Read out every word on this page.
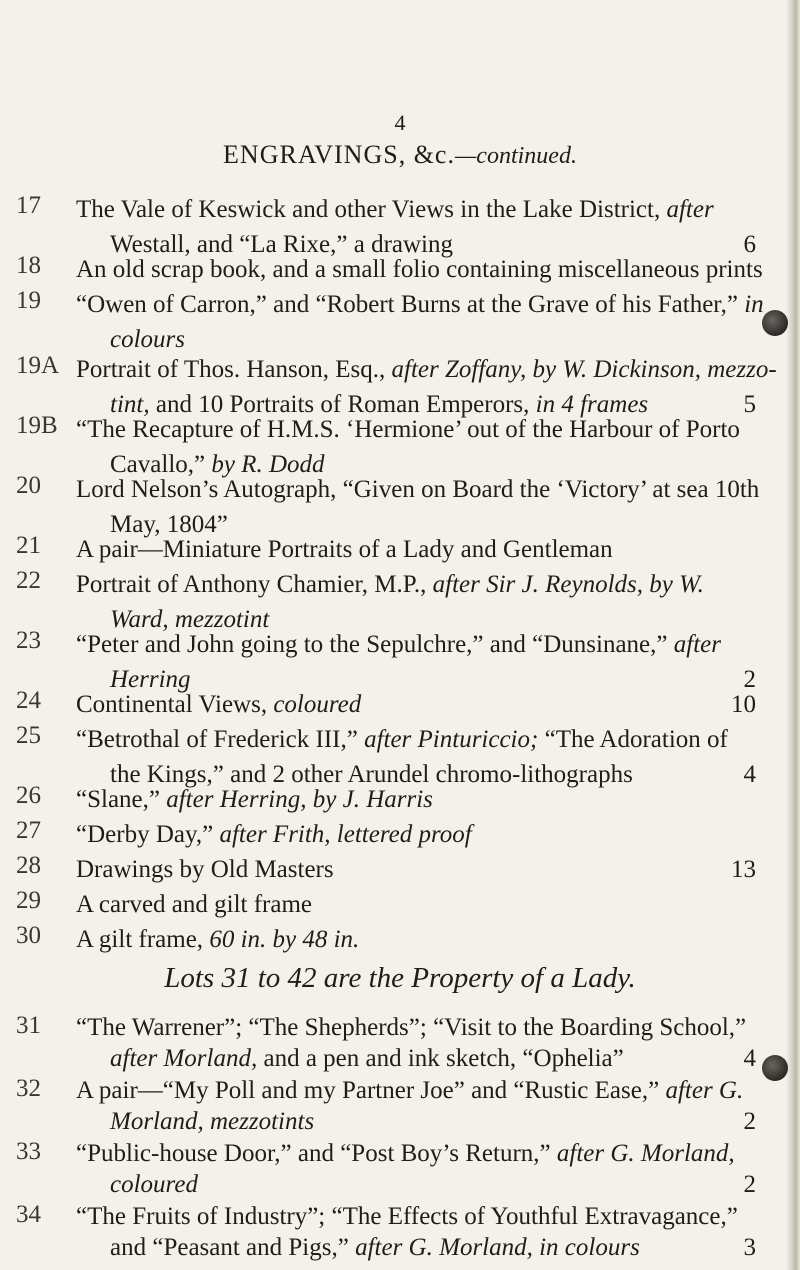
4
ENGRAVINGS, &c.—continued.
17	The Vale of Keswick and other Views in the Lake District, after
Westall, and “La Rixe,” a drawing	6
18	An old scrap book, and a small folio containing miscellaneous prints
19	“Owen of Carron,” and “Robert Burns at the Grave of his Father,” in
colours
19A Portrait of Thos. Hanson, Esq., after Zoffany, by W. Dickinson, mezzo-
tint, and 10 Portraits of Roman Emperors, in 4 frames	5
19B “The Recapture of H.M.S. ‘Hermione’ out of the Harbour of Porto
Cavallo,” by R. Dodd
20	Lord Nelson’s Autograph, “Given on Board the ‘Victory’ at sea 10th
May, 1804”
21	A pair—Miniature Portraits of a Lady and Gentleman
22	Portrait of Anthony Chamier, M.P., after Sir J. Reynolds, by W.
Ward, mezzotint
23	“Peter and John going to the Sepulchre,” and “Dunsinane,” after
Herring	2
24	Continental Views, coloured	10
25	“Betrothal of Frederick III,” after Pinturiccio; “The Adoration of
the Kings,” and 2 other Arundel chromo-lithographs	4
26	“Slane,” after Herring, by J. Harris
27	“Derby Day,” after Frith, lettered proof
28	Drawings by Old Masters	13
29	A carved and gilt frame
30	A gilt frame, 60 in. by 48 in.
Lots 31 to 42 are the Property of a Lady.
31	“The Warrener”; “The Shepherds”; “Visit to the Boarding School,”
after Morland, and a pen and ink sketch, “Ophelia”	4
32	A pair—“My Poll and my Partner Joe” and “Rustic Ease,” after G.
Morland, mezzotints	2
33	“Public-house Door,” and “Post Boy’s Return,” after G. Morland,
coloured	2
34	“The Fruits of Industry”; “The Effects of Youthful Extravagance,”
and “Peasant and Pigs,” after G. Morland, in colours	3
